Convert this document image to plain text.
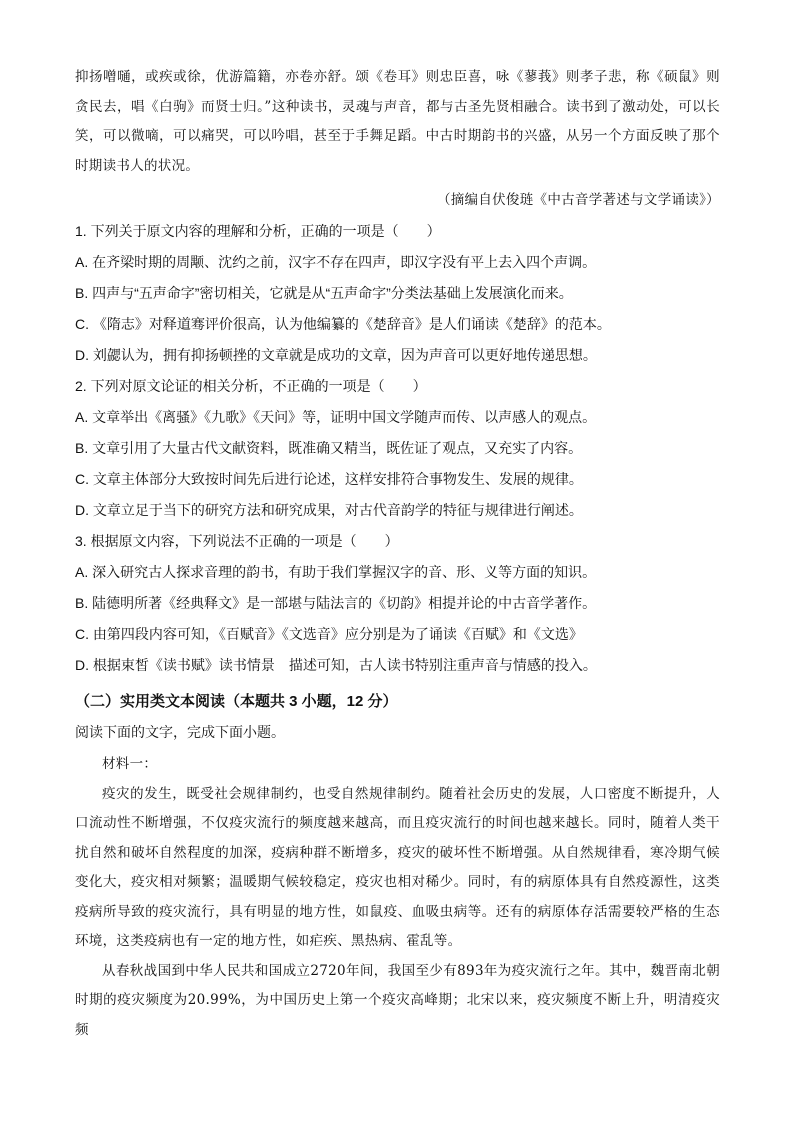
抑扬噌嗵，或疾或徐，优游篇籍，亦卷亦舒。颂《卷耳》则忠臣喜，咏《蓼莪》则孝子悲，称《硕鼠》则贪民去，唱《白驹》而贤士归。”这种读书，灵魂与声音，都与古圣先贤相融合。读书到了激动处，可以长笑，可以微嘀，可以痛哭，可以吟唱，甚至于手舞足蹈。中古时期韵书的兴盛，从另一个方面反映了那个时期读书人的状况。

（摘编自伏俊琏《中古音学著述与文学诵读》）

1. 下列关于原文内容的理解和分析，正确的一项是（　　）

A. 在齐梁时期的周颙、沈约之前，汉字不存在四声，即汉字没有平上去入四个声调。

B. 四声与“五声命字”密切相关，它就是从“五声命字”分类法基础上发展演化而来。

C. 《隋志》对释道骞评价很高，认为他编纂的《楚辞音》是人们诵读《楚辞》的范本。

D. 刘勰认为，拥有抑扬顿挫的文章就是成功的文章，因为声音可以更好地传递思想。

2. 下列对原文论证的相关分析，不正确的一项是（　　）

A. 文章举出《离骚》《九歌》《天问》等，证明中国文学随声而传、以声感人的观点。

B. 文章引用了大量古代文献资料，既准确又精当，既佐证了观点，又充实了内容。

C. 文章主体部分大致按时间先后进行论述，这样安排符合事物发生、发展的规律。

D. 文章立足于当下的研究方法和研究成果，对古代音韵学的特征与规律进行阐述。

3. 根据原文内容，下列说法不正确的一项是（　　）

A. 深入研究古人探求音理的韵书，有助于我们掌握汉字的音、形、义等方面的知识。

B. 陆德明所著《经典释文》是一部堪与陆法言的《切韵》相提并论的中古音学著作。

C. 由第四段内容可知，《百赋音》《文选音》应分别是为了诵读《百赋》和《文选》

D. 根据束皙《读书赋》读书情景　描述可知，古人读书特别注重声音与情感的投入。

（二）实用类文本阅读（本题共 3 小题，12 分）

阅读下面的文字，完成下面小题。

材料一：

疫灾的发生，既受社会规律制约，也受自然规律制约。随着社会历史的发展，人口密度不断提升，人口流动性不断增强，不仅疫灾流行的频度越来越高，而且疫灾流行的时间也越来越长。同时，随着人类干扰自然和破坏自然程度的加深，疫病种群不断增多，疫灾的破坏性不断增强。从自然规律看，寒冷期气候变化大，疫灾相对频繁；温暖期气候较稳定，疫灾也相对稀少。同时，有的病原体具有自然疫源性，这类疫病所导致的疫灾流行，具有明显的地方性，如鼠疫、血吸虫病等。还有的病原体存活需要较严格的生态环境，这类疫病也有一定的地方性，如疟疾、黑热病、霍乱等。

从春秋战国到中华人民共和国成立2720年间，我国至少有893年为疫灾流行之年。其中，魏晋南北朝时期的疫灾频度为20.99%，为中国历史上第一个疫灾高峰期；北宋以来，疫灾频度不断上升，明清疫灾频
